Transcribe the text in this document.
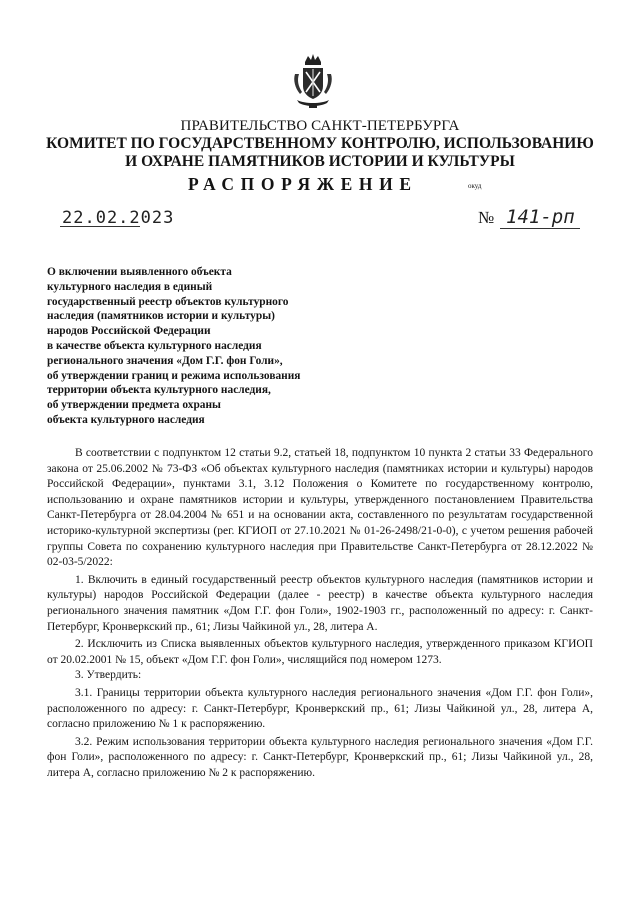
ПРАВИТЕЛЬСТВО САНКТ-ПЕТЕРБУРГА
КОМИТЕТ ПО ГОСУДАРСТВЕННОМУ КОНТРОЛЮ, ИСПОЛЬЗОВАНИЮ
И ОХРАНЕ ПАМЯТНИКОВ ИСТОРИИ И КУЛЬТУРЫ
РАСПОРЯЖЕНИЕ	окуд
22.02.2023	№ 141-рп
О включении выявленного объекта
культурного наследия в единый
государственный реестр объектов культурного
наследия (памятников истории и культуры)
народов Российской Федерации
в качестве объекта культурного наследия
регионального значения «Дом Г.Г. фон Голи»,
об утверждении границ и режима использования
территории объекта культурного наследия,
об утверждении предмета охраны
объекта культурного наследия

В соответствии с подпунктом 12 статьи 9.2, статьей 18, подпунктом 10 пункта 2 статьи 33 Федерального закона от 25.06.2002 № 73-ФЗ «Об объектах культурного наследия (памятниках истории и культуры) народов Российской Федерации», пунктами 3.1, 3.12 Положения о Комитете по государственному контролю, использованию и охране памятников истории и культуры, утвержденного постановлением Правительства Санкт-Петербурга от 28.04.2004 № 651 и на основании акта, составленного по результатам государственной историко-культурной экспертизы (рег. КГИОП от 27.10.2021 № 01-26-2498/21-0-0), с учетом решения рабочей группы Совета по сохранению культурного наследия при Правительстве Санкт-Петербурга от 28.12.2022 № 02-03-5/2022:

1. Включить в единый государственный реестр объектов культурного наследия (памятников истории и культуры) народов Российской Федерации (далее - реестр) в качестве объекта культурного наследия регионального значения памятник «Дом Г.Г. фон Голи», 1902-1903 гг., расположенный по адресу: г. Санкт-Петербург, Кронверкский пр., 61; Лизы Чайкиной ул., 28, литера А.

2. Исключить из Списка выявленных объектов культурного наследия, утвержденного приказом КГИОП от 20.02.2001 № 15, объект «Дом Г.Г. фон Голи», числящийся под номером 1273.

3. Утвердить:

3.1. Границы территории объекта культурного наследия регионального значения «Дом Г.Г. фон Голи», расположенного по адресу: г. Санкт-Петербург, Кронверкский пр., 61; Лизы Чайкиной ул., 28, литера А, согласно приложению № 1 к распоряжению.

3.2. Режим использования территории объекта культурного наследия регионального значения «Дом Г.Г. фон Голи», расположенного по адресу: г. Санкт-Петербург, Кронверкский пр., 61; Лизы Чайкиной ул., 28, литера А, согласно приложению № 2 к распоряжению.
